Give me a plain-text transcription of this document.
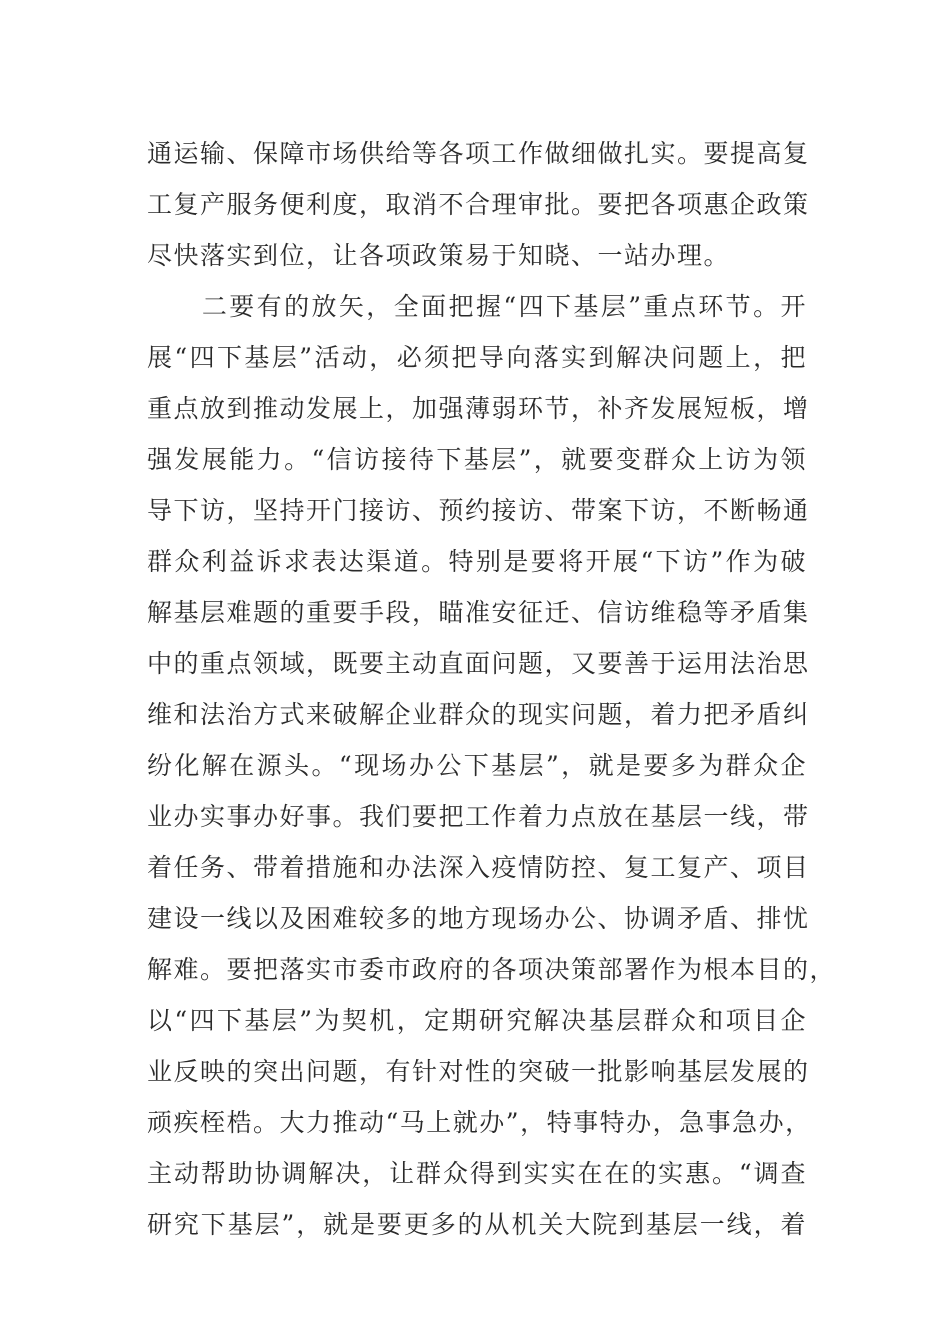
通运输、保障市场供给等各项工作做细做扎实。要提高复
工复产服务便利度，取消不合理审批。要把各项惠企政策
尽快落实到位，让各项政策易于知晓、一站办理。
　　二要有的放矢，全面把握“四下基层”重点环节。开
展“四下基层”活动，必须把导向落实到解决问题上，把
重点放到推动发展上，加强薄弱环节，补齐发展短板，增
强发展能力。“信访接待下基层”，就要变群众上访为领
导下访，坚持开门接访、预约接访、带案下访，不断畅通
群众利益诉求表达渠道。特别是要将开展“下访”作为破
解基层难题的重要手段，瞄准安征迁、信访维稳等矛盾集
中的重点领域，既要主动直面问题，又要善于运用法治思
维和法治方式来破解企业群众的现实问题，着力把矛盾纠
纷化解在源头。“现场办公下基层”，就是要多为群众企
业办实事办好事。我们要把工作着力点放在基层一线，带
着任务、带着措施和办法深入疫情防控、复工复产、项目
建设一线以及困难较多的地方现场办公、协调矛盾、排忧
解难。要把落实市委市政府的各项决策部署作为根本目的，
以“四下基层”为契机，定期研究解决基层群众和项目企
业反映的突出问题，有针对性的突破一批影响基层发展的
顽疾桎梏。大力推动“马上就办”，特事特办，急事急办，
主动帮助协调解决，让群众得到实实在在的实惠。“调查
研究下基层”，就是要更多的从机关大院到基层一线，着
